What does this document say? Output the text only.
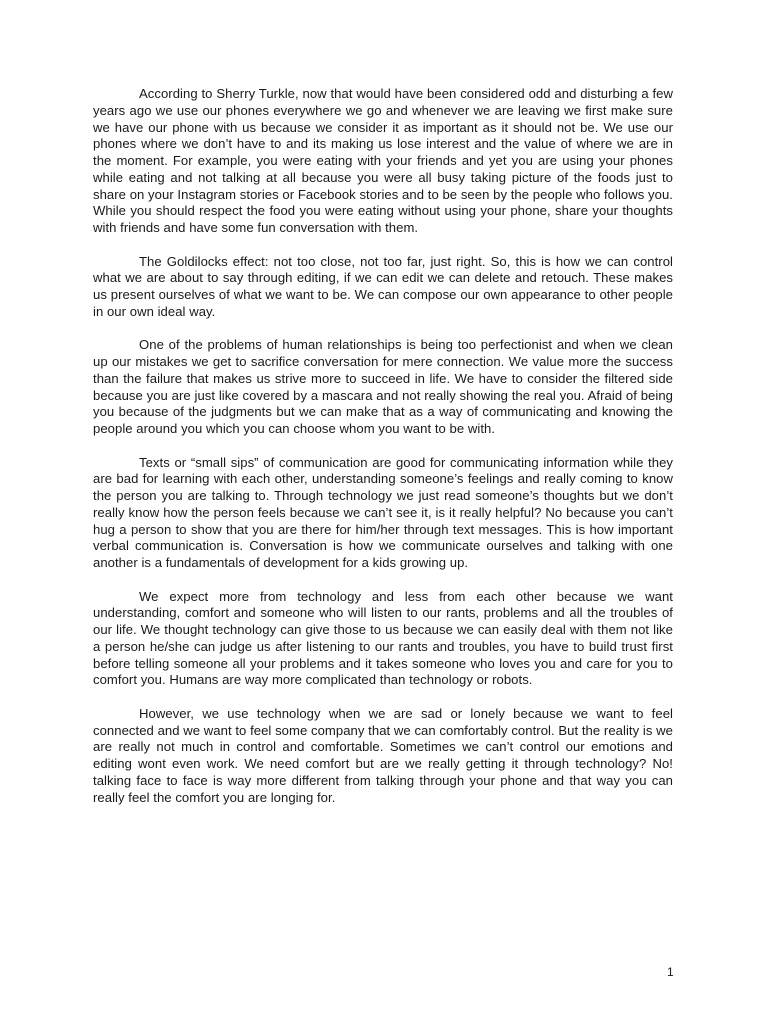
According to Sherry Turkle, now that would have been considered odd and disturbing a few years ago we use our phones everywhere we go and whenever we are leaving we first make sure we have our phone with us because we consider it as important as it should not be. We use our phones where we don’t have to and its making us lose interest and the value of where we are in the moment. For example, you were eating with your friends and yet you are using your phones while eating and not talking at all because you were all busy taking picture of the foods just to share on your Instagram stories or Facebook stories and to be seen by the people who follows you. While you should respect the food you were eating without using your phone, share your thoughts with friends and have some fun conversation with them.

The Goldilocks effect: not too close, not too far, just right. So, this is how we can control what we are about to say through editing, if we can edit we can delete and retouch. These makes us present ourselves of what we want to be. We can compose our own appearance to other people in our own ideal way.

One of the problems of human relationships is being too perfectionist and when we clean up our mistakes we get to sacrifice conversation for mere connection. We value more the success than the failure that makes us strive more to succeed in life. We have to consider the filtered side because you are just like covered by a mascara and not really showing the real you. Afraid of being you because of the judgments but we can make that as a way of communicating and knowing the people around you which you can choose whom you want to be with.

Texts or “small sips” of communication are good for communicating information while they are bad for learning with each other, understanding someone’s feelings and really coming to know the person you are talking to. Through technology we just read someone’s thoughts but we don’t really know how the person feels because we can’t see it, is it really helpful? No because you can’t hug a person to show that you are there for him/her through text messages. This is how important verbal communication is. Conversation is how we communicate ourselves and talking with one another is a fundamentals of development for a kids growing up.

We expect more from technology and less from each other because we want understanding, comfort and someone who will listen to our rants, problems and all the troubles of our life. We thought technology can give those to us because we can easily deal with them not like a person he/she can judge us after listening to our rants and troubles, you have to build trust first before telling someone all your problems and it takes someone who loves you and care for you to comfort you. Humans are way more complicated than technology or robots.

However, we use technology when we are sad or lonely because we want to feel connected and we want to feel some company that we can comfortably control. But the reality is we are really not much in control and comfortable. Sometimes we can’t control our emotions and editing wont even work. We need comfort but are we really getting it through technology? No! talking face to face is way more different from talking through your phone and that way you can really feel the comfort you are longing for.

1
